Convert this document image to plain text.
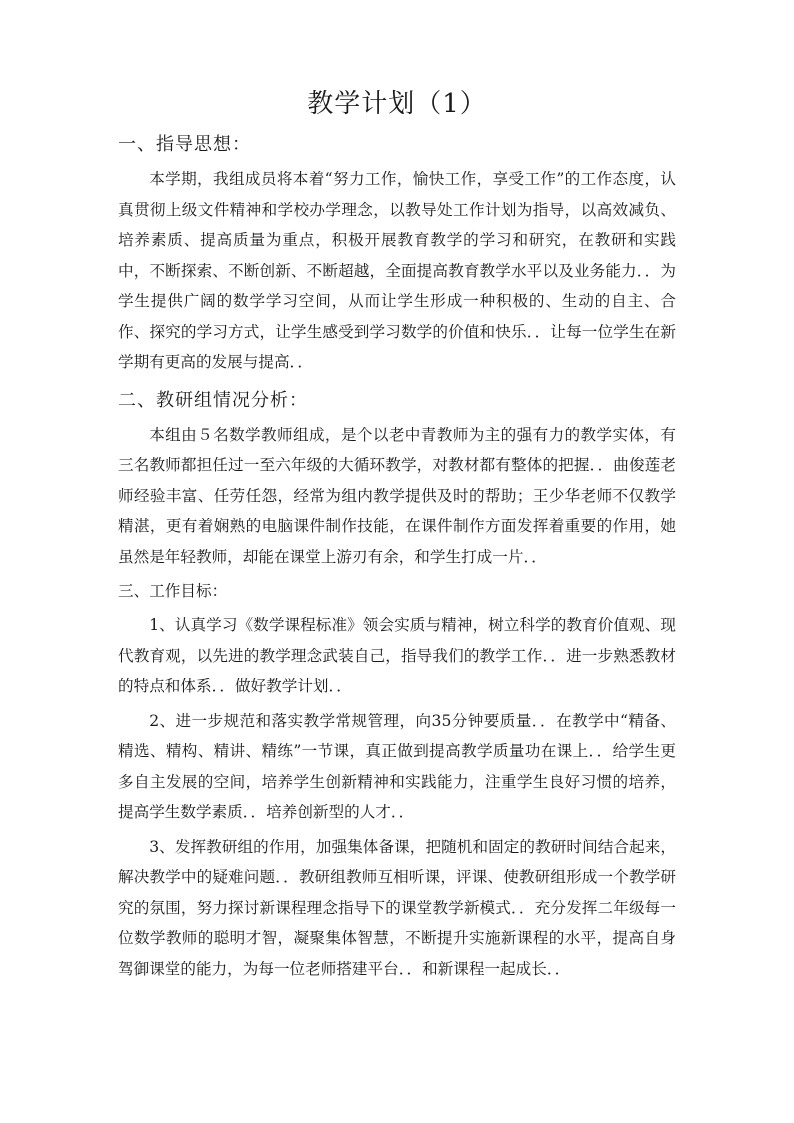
教学计划（1）
一、指导思想：

本学期，我组成员将本着“努力工作，愉快工作，享受工作”的工作态度，认真贯彻上级文件精神和学校办学理念，以教导处工作计划为指导，以高效减负、培养素质、提高质量为重点，积极开展教育教学的学习和研究，在教研和实践中，不断探索、不断创新、不断超越，全面提高教育教学水平以及业务能力．．为学生提供广阔的数学学习空间，从而让学生形成一种积极的、生动的自主、合作、探究的学习方式，让学生感受到学习数学的价值和快乐．．让每一位学生在新学期有更高的发展与提高．．

二、教研组情况分析：

本组由５名数学教师组成，是个以老中青教师为主的强有力的教学实体，有三名教师都担任过一至六年级的大循环教学，对教材都有整体的把握．．曲俊莲老师经验丰富、任劳任怨，经常为组内教学提供及时的帮助；王少华老师不仅教学精湛，更有着娴熟的电脑课件制作技能，在课件制作方面发挥着重要的作用，她虽然是年轻教师，却能在课堂上游刃有余，和学生打成一片．．

三、工作目标：

1、认真学习《数学课程标准》领会实质与精神，树立科学的教育价值观、现代教育观，以先进的教学理念武装自己，指导我们的教学工作．．进一步熟悉教材的特点和体系．．做好教学计划．．

2、进一步规范和落实教学常规管理，向35分钟要质量．．在教学中“精备、精选、精构、精讲、精练”一节课，真正做到提高教学质量功在课上．．给学生更多自主发展的空间，培养学生创新精神和实践能力，注重学生良好习惯的培养，提高学生数学素质．．培养创新型的人才．．

3、发挥教研组的作用，加强集体备课，把随机和固定的教研时间结合起来，解决教学中的疑难问题．．教研组教师互相听课，评课、使教研组形成一个教学研究的氛围，努力探讨新课程理念指导下的课堂教学新模式．．充分发挥二年级每一位数学教师的聪明才智，凝聚集体智慧，不断提升实施新课程的水平，提高自身驾御课堂的能力，为每一位老师搭建平台．．和新课程一起成长．．
